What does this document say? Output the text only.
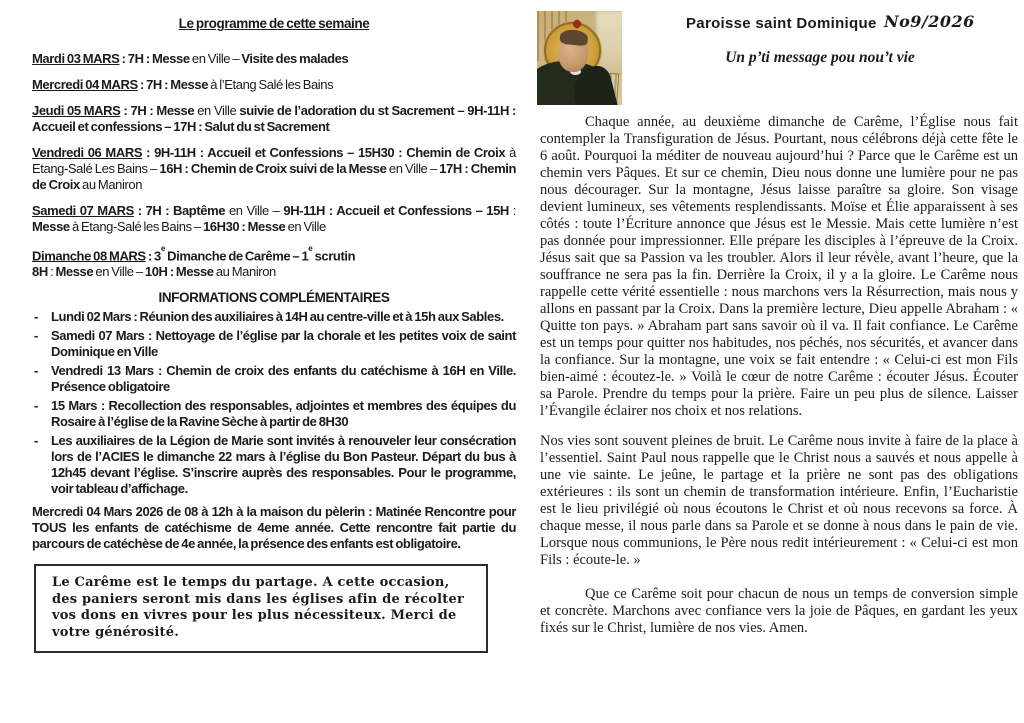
Le programme de cette semaine

Mardi 03 MARS : 7H : Messe en Ville – Visite des malades

Mercredi 04 MARS : 7H : Messe à l’Etang Salé les Bains

Jeudi 05 MARS : 7H : Messe en Ville suivie de l’adoration du st Sacrement – 9H-11H : Accueil et confessions – 17H : Salut du st Sacrement

Vendredi 06 MARS : 9H-11H : Accueil et Confessions – 15H30 : Chemin de Croix à Etang-Salé Les Bains – 16H : Chemin de Croix suivi de la Messe en Ville – 17H : Chemin de Croix au Maniron

Samedi 07 MARS : 7H : Baptême en Ville – 9H-11H : Accueil et Confessions – 15H : Messe à Etang-Salé les Bains – 16H30 : Messe en Ville

Dimanche 08 MARS : 3e Dimanche de Carême – 1e scrutin
8H : Messe en Ville – 10H : Messe au Maniron

INFORMATIONS COMPLÉMENTAIRES
- Lundi 02 Mars : Réunion des auxiliaires à 14H au centre-ville et à 15h aux Sables.
- Samedi 07 Mars : Nettoyage de l’église par la chorale et les petites voix de saint Dominique en Ville
- Vendredi 13 Mars : Chemin de croix des enfants du catéchisme à 16H en Ville. Présence obligatoire
- 15 Mars : Recollection des responsables, adjointes et membres des équipes du Rosaire à l’église de la Ravine Sèche à partir de 8H30
- Les auxiliaires de la Légion de Marie sont invités à renouveler leur consécration lors de l’ACIES le dimanche 22 mars à l’église du Bon Pasteur. Départ du bus à 12h45 devant l’église. S’inscrire auprès des responsables. Pour le programme, voir tableau d’affichage.

Mercredi 04 Mars 2026 de 08 à 12h à la maison du pèlerin : Matinée Rencontre pour TOUS les enfants de catéchisme de 4eme année. Cette rencontre fait partie du parcours de catéchèse de 4e année, la présence des enfants est obligatoire.

Le Carême est le temps du partage. A cette occasion, des paniers seront mis dans les églises afin de récolter vos dons en vivres pour les plus nécessiteux. Merci de votre générosité.
Paroisse saint Dominique No9/2026
Un p’ti message pou nou’t vie

Chaque année, au deuxième dimanche de Carême, l’Église nous fait contempler la Transfiguration de Jésus. Pourtant, nous célébrons déjà cette fête le 6 août. Pourquoi la méditer de nouveau aujourd’hui ? Parce que le Carême est un chemin vers Pâques. Et sur ce chemin, Dieu nous donne une lumière pour ne pas nous décourager. Sur la montagne, Jésus laisse paraître sa gloire. Son visage devient lumineux, ses vêtements resplendissants. Moïse et Élie apparaissent à ses côtés : toute l’Écriture annonce que Jésus est le Messie. Mais cette lumière n’est pas donnée pour impressionner. Elle prépare les disciples à l’épreuve de la Croix. Jésus sait que sa Passion va les troubler. Alors il leur révèle, avant l’heure, que la souffrance ne sera pas la fin. Derrière la Croix, il y a la gloire. Le Carême nous rappelle cette vérité essentielle : nous marchons vers la Résurrection, mais nous y allons en passant par la Croix. Dans la première lecture, Dieu appelle Abraham : « Quitte ton pays. » Abraham part sans savoir où il va. Il fait confiance. Le Carême est un temps pour quitter nos habitudes, nos péchés, nos sécurités, et avancer dans la confiance. Sur la montagne, une voix se fait entendre : « Celui-ci est mon Fils bien-aimé : écoutez-le. » Voilà le cœur de notre Carême : écouter Jésus. Écouter sa Parole. Prendre du temps pour la prière. Faire un peu plus de silence. Laisser l’Évangile éclairer nos choix et nos relations.

Nos vies sont souvent pleines de bruit. Le Carême nous invite à faire de la place à l’essentiel. Saint Paul nous rappelle que le Christ nous a sauvés et nous appelle à une vie sainte. Le jeûne, le partage et la prière ne sont pas des obligations extérieures : ils sont un chemin de transformation intérieure. Enfin, l’Eucharistie est le lieu privilégié où nous écoutons le Christ et où nous recevons sa force. À chaque messe, il nous parle dans sa Parole et se donne à nous dans le pain de vie. Lorsque nous communions, le Père nous redit intérieurement : « Celui-ci est mon Fils : écoute-le. »

Que ce Carême soit pour chacun de nous un temps de conversion simple et concrète. Marchons avec confiance vers la joie de Pâques, en gardant les yeux fixés sur le Christ, lumière de nos vies. Amen.
